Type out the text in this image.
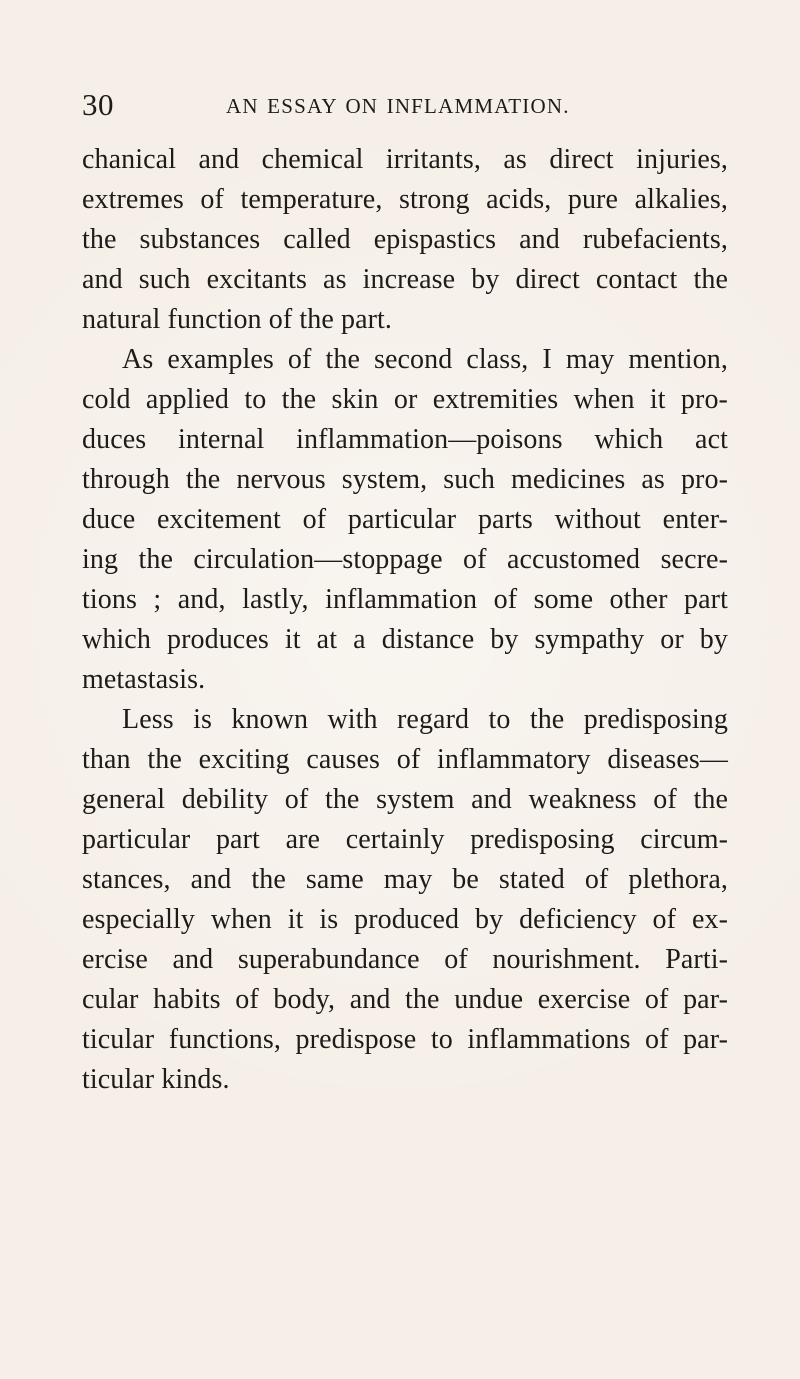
30	AN ESSAY ON INFLAMMATION.
chanical and chemical irritants, as direct injuries,
extremes of temperature, strong acids, pure alkalies,
the substances called epispastics and rubefacients,
and such excitants as increase by direct contact the
natural function of the part.
As examples of the second class, I may mention,
cold applied to the skin or extremities when it pro-
duces internal inflammation—poisons which act
through the nervous system, such medicines as pro-
duce excitement of particular parts without enter-
ing the circulation—stoppage of accustomed secre-
tions ; and, lastly, inflammation of some other part
which produces it at a distance by sympathy or by
metastasis.
Less is known with regard to the predisposing
than the exciting causes of inflammatory diseases—
general debility of the system and weakness of the
particular part are certainly predisposing circum-
stances, and the same may be stated of plethora,
especially when it is produced by deficiency of ex-
ercise and superabundance of nourishment. Parti-
cular habits of body, and the undue exercise of par-
ticular functions, predispose to inflammations of par-
ticular kinds.
